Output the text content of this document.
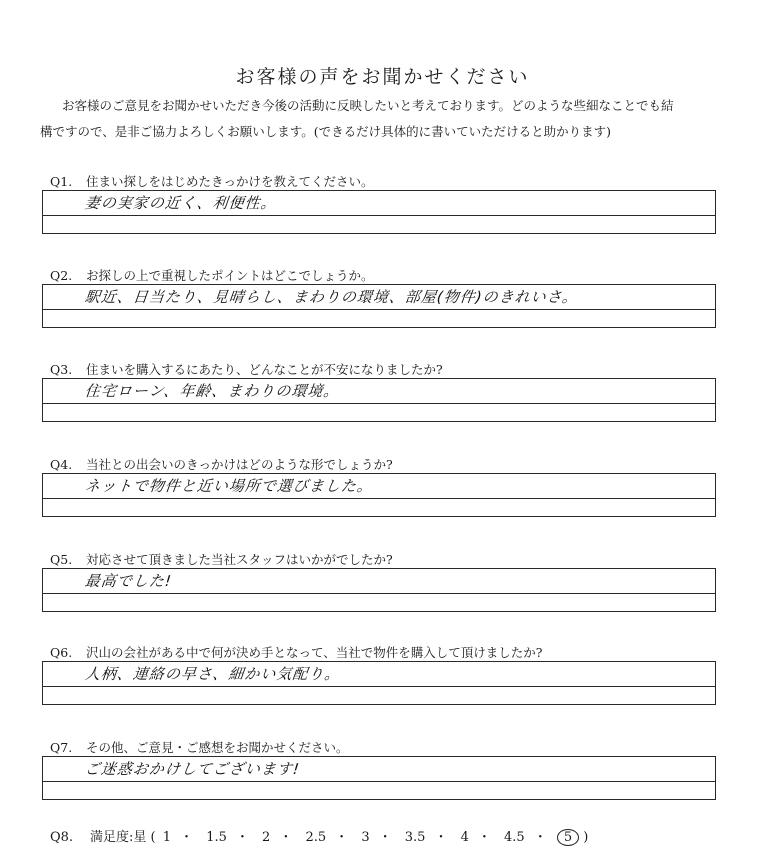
お客様の声をお聞かせください
お客様のご意見をお聞かせいただき今後の活動に反映したいと考えております。どのような些細なことでも結
構ですので、是非ご協力よろしくお願いします。(できるだけ具体的に書いていただけると助かります)
Q1. 住まい探しをはじめたきっかけを教えてください。
妻の実家の近く、利便性。
Q2. お探しの上で重視したポイントはどこでしょうか。
駅近、日当たり、見晴らし、まわりの環境、部屋(物件)のきれいさ。
Q3. 住まいを購入するにあたり、どんなことが不安になりましたか?
住宅ローン、年齢、まわりの環境。
Q4. 当社との出会いのきっかけはどのような形でしょうか?
ネットで物件と近い場所で選びました。
Q5. 対応させて頂きました当社スタッフはいかがでしたか?
最高でした!
Q6. 沢山の会社がある中で何が決め手となって、当社で物件を購入して頂けましたか?
人柄、連絡の早さ、細かい気配り。
Q7. その他、ご意見・ご感想をお聞かせください。
ご迷惑おかけしてございます!
Q8. 満足度:星 ( 1 ・ 1.5 ・ 2 ・ 2.5 ・ 3 ・ 3.5 ・ 4 ・ 4.5 ・ 5 )
